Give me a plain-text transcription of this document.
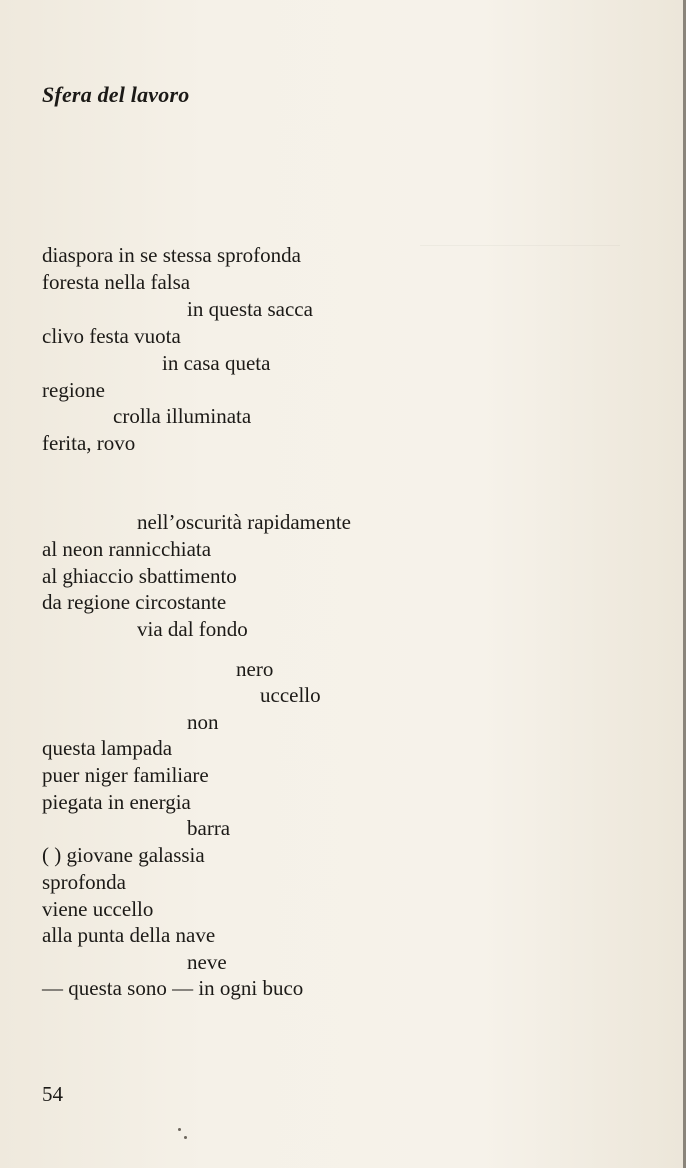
Sfera del lavoro

diaspora in se stessa sprofonda

foresta nella falsa

in questa sacca

clivo festa vuota

in casa queta

regione

crolla illuminata

ferita, rovo

nell’oscurità rapidamente

al neon rannicchiata

al ghiaccio sbattimento

da regione circostante

via dal fondo

nero

uccello

non

questa lampada

puer niger familiare

piegata in energia

barra

( ) giovane galassia

sprofonda

viene uccello

alla punta della nave

neve

— questa sono — in ogni buco

54
